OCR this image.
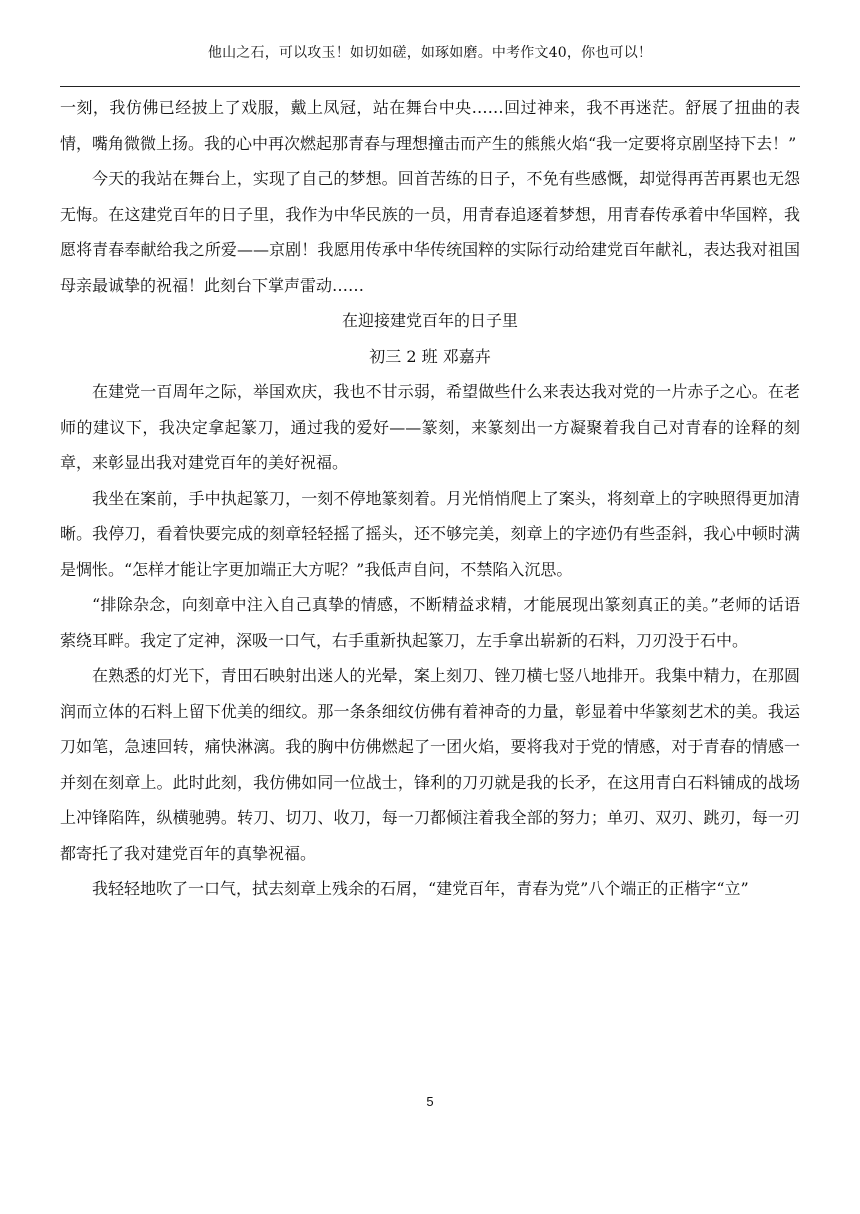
他山之石，可以攻玉！如切如磋，如琢如磨。中考作文40，你也可以！

一刻，我仿佛已经披上了戏服，戴上凤冠，站在舞台中央……回过神来，我不再迷茫。舒展了扭曲的表情，嘴角微微上扬。我的心中再次燃起那青春与理想撞击而产生的熊熊火焰“我一定要将京剧坚持下去！”

今天的我站在舞台上，实现了自己的梦想。回首苦练的日子，不免有些感慨，却觉得再苦再累也无怨无悔。在这建党百年的日子里，我作为中华民族的一员，用青春追逐着梦想，用青春传承着中华国粹，我愿将青春奉献给我之所爱——京剧！我愿用传承中华传统国粹的实际行动给建党百年献礼，表达我对祖国母亲最诚挚的祝福！此刻台下掌声雷动……

在迎接建党百年的日子里

初三 2 班 邓嘉卉

在建党一百周年之际，举国欢庆，我也不甘示弱，希望做些什么来表达我对党的一片赤子之心。在老师的建议下，我决定拿起篆刀，通过我的爱好——篆刻，来篆刻出一方凝聚着我自己对青春的诠释的刻章，来彰显出我对建党百年的美好祝福。

我坐在案前，手中执起篆刀，一刻不停地篆刻着。月光悄悄爬上了案头，将刻章上的字映照得更加清晰。我停刀，看着快要完成的刻章轻轻摇了摇头，还不够完美，刻章上的字迹仍有些歪斜，我心中顿时满是惆怅。“怎样才能让字更加端正大方呢？”我低声自问，不禁陷入沉思。

“排除杂念，向刻章中注入自己真挚的情感，不断精益求精，才能展现出篆刻真正的美。”老师的话语萦绕耳畔。我定了定神，深吸一口气，右手重新执起篆刀，左手拿出崭新的石料，刀刃没于石中。

在熟悉的灯光下，青田石映射出迷人的光晕，案上刻刀、锉刀横七竖八地排开。我集中精力，在那圆润而立体的石料上留下优美的细纹。那一条条细纹仿佛有着神奇的力量，彰显着中华篆刻艺术的美。我运刀如笔，急速回转，痛快淋漓。我的胸中仿佛燃起了一团火焰，要将我对于党的情感，对于青春的情感一并刻在刻章上。此时此刻，我仿佛如同一位战士，锋利的刀刃就是我的长矛，在这用青白石料铺成的战场上冲锋陷阵，纵横驰骋。转刀、切刀、收刀，每一刀都倾注着我全部的努力；单刃、双刃、跳刃，每一刃都寄托了我对建党百年的真挚祝福。

我轻轻地吹了一口气，拭去刻章上残余的石屑，“建党百年，青春为党”八个端正的正楷字“立”

5
